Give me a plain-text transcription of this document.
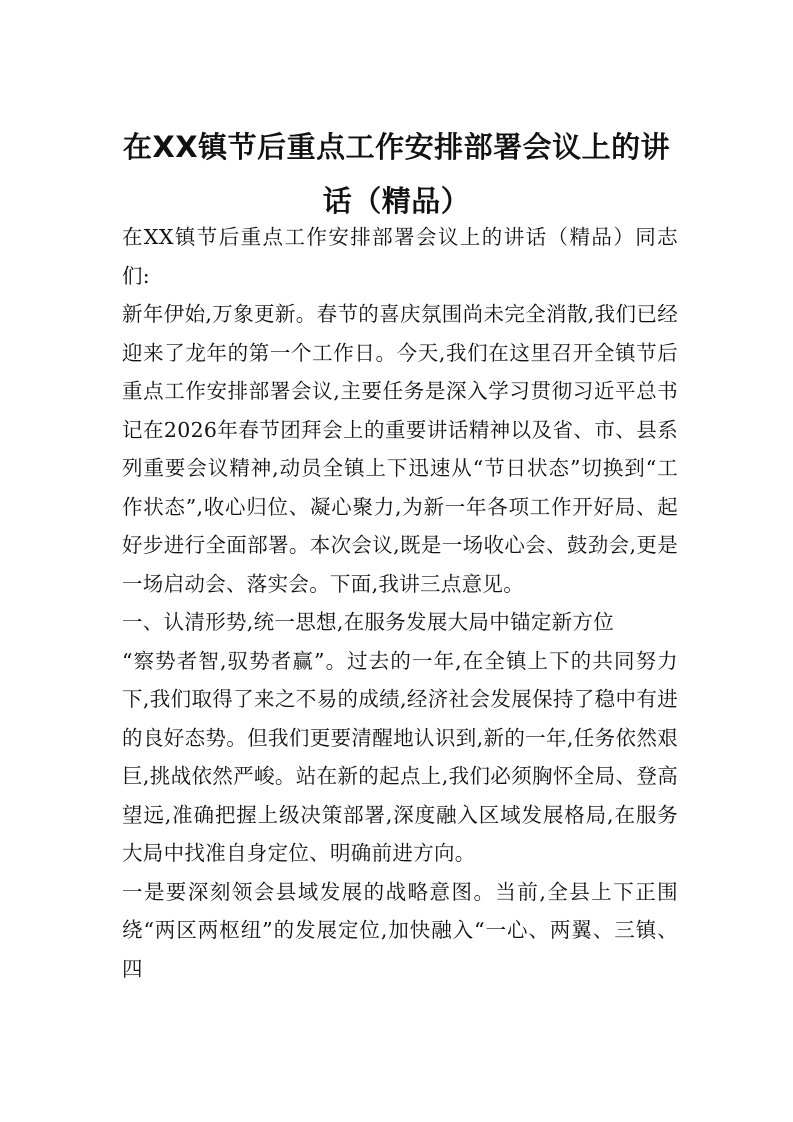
在XX镇节后重点工作安排部署会议上的讲
话（精品）

在XX镇节后重点工作安排部署会议上的讲话（精品）同志们:

新年伊始,万象更新。春节的喜庆氛围尚未完全消散,我们已经迎来了龙年的第一个工作日。今天,我们在这里召开全镇节后重点工作安排部署会议,主要任务是深入学习贯彻习近平总书记在2026年春节团拜会上的重要讲话精神以及省、市、县系列重要会议精神,动员全镇上下迅速从“节日状态”切换到“工作状态”,收心归位、凝心聚力,为新一年各项工作开好局、起好步进行全面部署。本次会议,既是一场收心会、鼓劲会,更是一场启动会、落实会。下面,我讲三点意见。

一、认清形势,统一思想,在服务发展大局中锚定新方位

“察势者智,驭势者赢”。过去的一年,在全镇上下的共同努力下,我们取得了来之不易的成绩,经济社会发展保持了稳中有进的良好态势。但我们更要清醒地认识到,新的一年,任务依然艰巨,挑战依然严峻。站在新的起点上,我们必须胸怀全局、登高望远,准确把握上级决策部署,深度融入区域发展格局,在服务大局中找准自身定位、明确前进方向。

一是要深刻领会县域发展的战略意图。当前,全县上下正围绕“两区两枢纽”的发展定位,加快融入“一心、两翼、三镇、四
